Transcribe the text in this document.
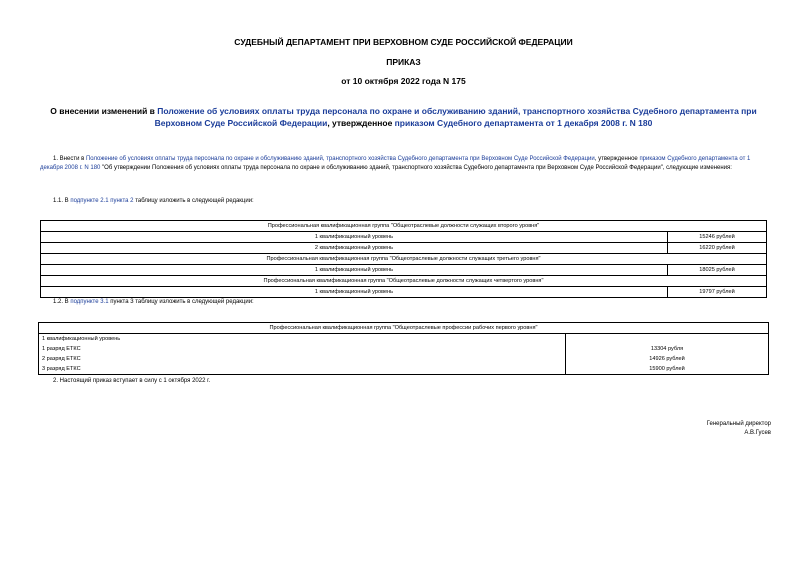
СУДЕБНЫЙ ДЕПАРТАМЕНТ ПРИ ВЕРХОВНОМ СУДЕ РОССИЙСКОЙ ФЕДЕРАЦИИ
ПРИКАЗ
от 10 октября 2022 года N 175
О внесении изменений в Положение об условиях оплаты труда персонала по охране и обслуживанию зданий, транспортного хозяйства Судебного департамента при Верховном Суде Российской Федерации, утвержденное приказом Судебного департамента от 1 декабря 2008 г. N 180
1. Внести в Положение об условиях оплаты труда персонала по охране и обслуживанию зданий, транспортного хозяйства Судебного департамента при Верховном Суде Российской Федерации, утвержденное приказом Судебного департамента от 1 декабря 2008 г. N 180 "Об утверждении Положения об условиях оплаты труда персонала по охране и обслуживанию зданий, транспортного хозяйства Судебного департамента при Верховном Суде Российской Федерации", следующие изменения:
1.1. В подпункте 2.1 пункта 2 таблицу изложить в следующей редакции:
Профессиональная квалификационная группа "Общеотраслевые должности служащих второго уровня"	
1 квалификационный уровень	15246 рублей
2 квалификационный уровень	16220 рублей
Профессиональная квалификационная группа "Общеотраслевые должности служащих третьего уровня"	
1 квалификационный уровень	18025 рублей
Профессиональная квалификационная группа "Общеотраслевые должности служащих четвертого уровня"	
1 квалификационный уровень	19797 рублей
1.2. В подпункте 3.1 пункта 3 таблицу изложить в следующей редакции:
Профессиональная квалификационная группа "Общеотраслевые профессии рабочих первого уровня"	
1 квалификационный уровень	
1 разряд ЕТКС	13304 рубля
2 разряд ЕТКС	14926 рублей
3 разряд ЕТКС	15900 рублей
2. Настоящий приказ вступает в силу с 1 октября 2022 г.
Генеральный директор
А.В.Гусев
